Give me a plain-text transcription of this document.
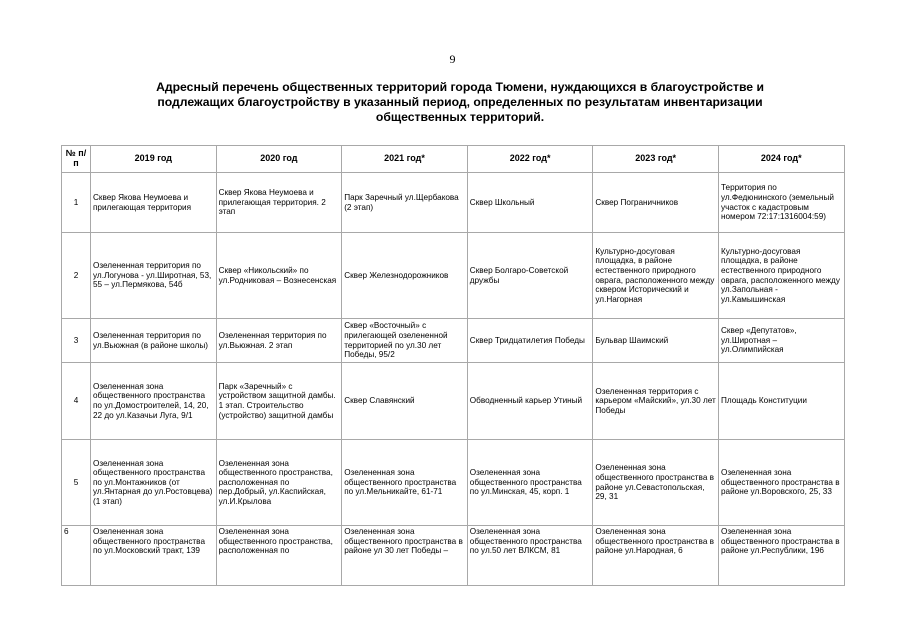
9
Адресный перечень общественных территорий города Тюмени, нуждающихся в благоустройстве и
подлежащих благоустройству в указанный период, определенных по результатам инвентаризации
общественных территорий.
№ п/п	2019 год	2020 год	2021 год*	2022 год*	2023 год*	2024 год*
1	Сквер Якова Неумоева и прилегающая территория	Сквер Якова Неумоева и прилегающая территория. 2 этап	Парк Заречный ул.Щербакова (2 этап)	Сквер Школьный	Сквер Пограничников	Территория по ул.Федюнинского (земельный участок с кадастровым номером 72:17:1316004:59)
2	Озелененная территория по ул.Логунова - ул.Широтная, 53, 55 – ул.Пермякова, 54б	Сквер «Никольский» по ул.Родниковая – Вознесенская	Сквер Железнодорожников	Сквер Болгаро-Советской дружбы	Культурно-досуговая площадка, в районе естественного природного оврага, расположенного между сквером Исторический и ул.Нагорная	Культурно-досуговая площадка, в районе естественного природного оврага, расположенного между ул.Запольная - ул.Камышинская
3	Озелененная территория по ул.Вьюжная (в районе школы)	Озелененная территория по ул.Вьюжная. 2 этап	Сквер «Восточный» с прилегающей озелененной территорией по ул.30 лет Победы, 95/2	Сквер Тридцатилетия Победы	Бульвар Шаимский	Сквер «Депутатов», ул.Широтная – ул.Олимпийская
4	Озелененная зона общественного пространства по ул.Домостроителей, 14, 20, 22 до ул.Казачьи Луга, 9/1	Парк «Заречный» с устройством защитной дамбы. 1 этап. Строительство (устройство) защитной дамбы	Сквер Славянский	Обводненный карьер Утиный	Озелененная территория с карьером «Майский», ул.30 лет Победы	Площадь Конституции
5	Озелененная зона общественного пространства по ул.Монтажников (от ул.Янтарная до ул.Ростовцева) (1 этап)	Озелененная зона общественного пространства, расположенная по пер.Добрый, ул.Каспийская, ул.И.Крылова	Озелененная зона общественного пространства по ул.Мельникайте, 61-71	Озелененная зона общественного пространства по ул.Минская, 45, корп. 1	Озелененная зона общественного пространства в районе ул.Севастопольская, 29, 31	Озелененная зона общественного пространства в районе ул.Воровского, 25, 33
6	Озелененная зона общественного пространства по ул.Московский тракт, 139	Озелененная зона общественного пространства, расположенная по	Озелененная зона общественного пространства в районе ул 30 лет Победы –	Озелененная зона общественного пространства по ул.50 лет ВЛКСМ, 81	Озелененная зона общественного пространства в районе ул.Народная, 6	Озелененная зона общественного пространства в районе ул.Республики, 196
